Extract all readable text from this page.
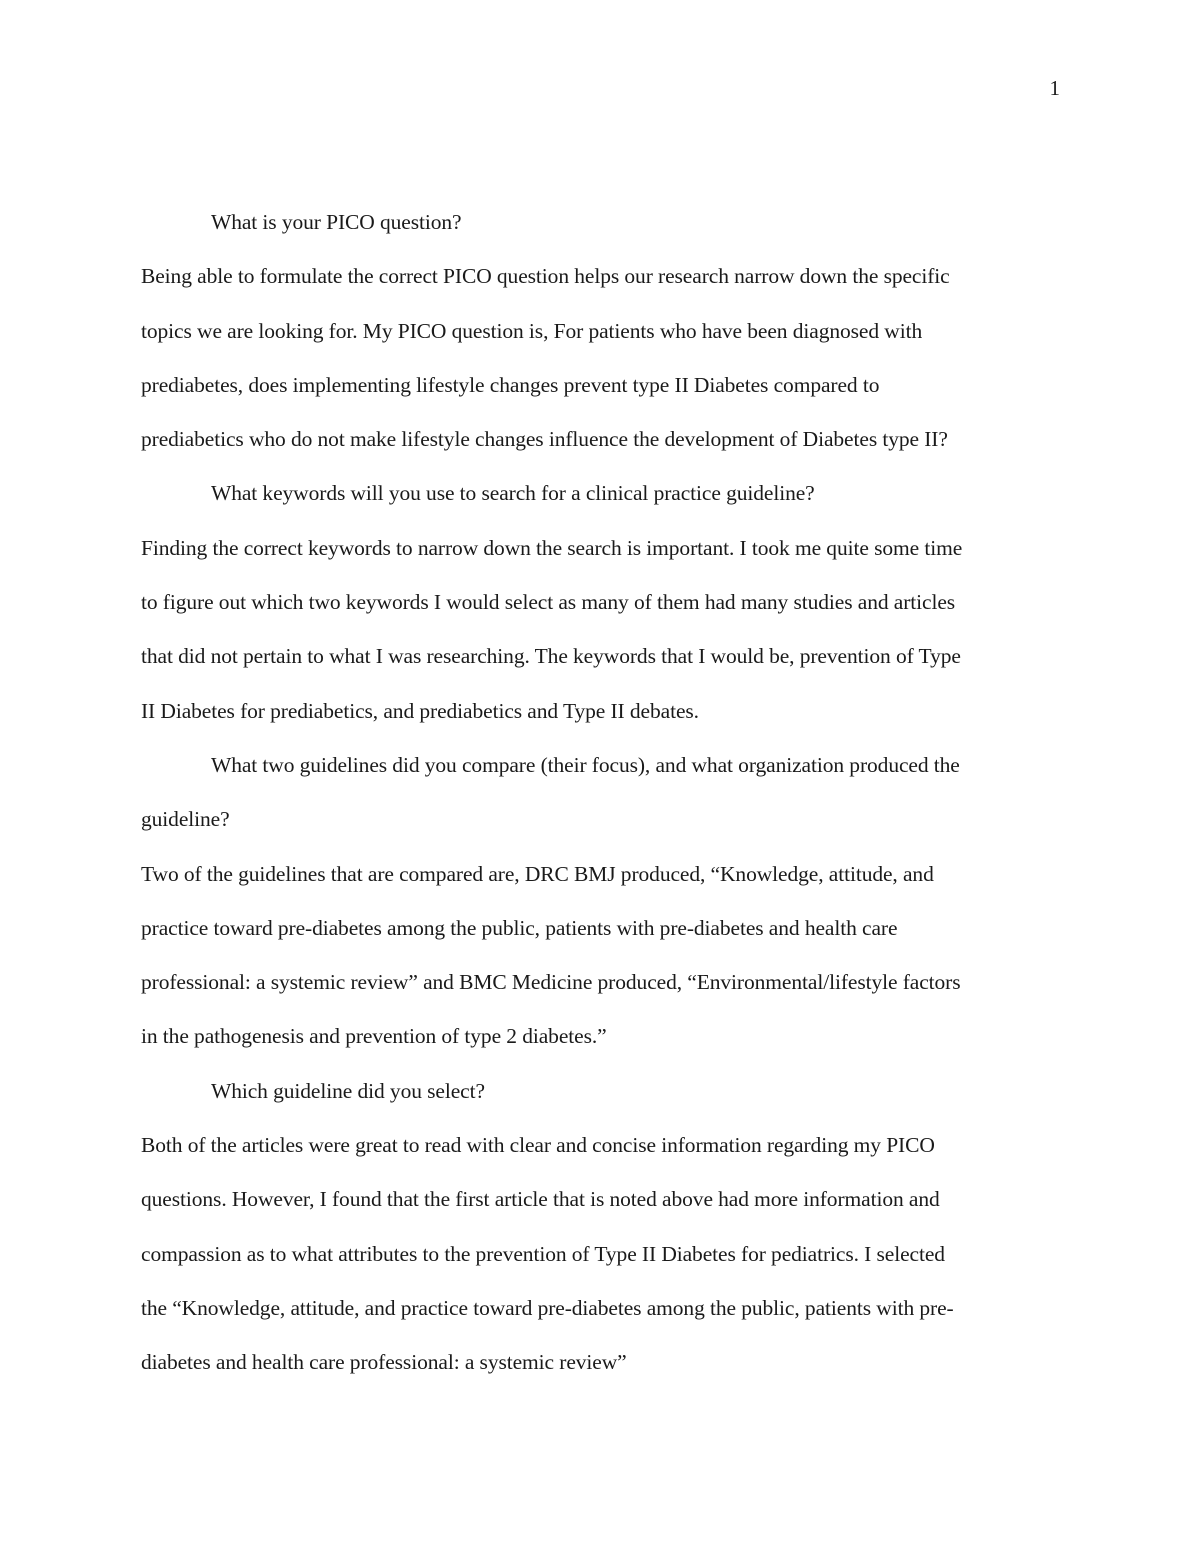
1
What is your PICO question?
Being able to formulate the correct PICO question helps our research narrow down the specific
topics we are looking for. My PICO question is, For patients who have been diagnosed with
prediabetes, does implementing lifestyle changes prevent type II Diabetes compared to
prediabetics who do not make lifestyle changes influence the development of Diabetes type II?
What keywords will you use to search for a clinical practice guideline?
Finding the correct keywords to narrow down the search is important. I took me quite some time
to figure out which two keywords I would select as many of them had many studies and articles
that did not pertain to what I was researching. The keywords that I would be, prevention of Type
II Diabetes for prediabetics, and prediabetics and Type II debates.
What two guidelines did you compare (their focus), and what organization produced the
guideline?
Two of the guidelines that are compared are, DRC BMJ produced, “Knowledge, attitude, and
practice toward pre-diabetes among the public, patients with pre-diabetes and health care
professional: a systemic review” and BMC Medicine produced, “Environmental/lifestyle factors
in the pathogenesis and prevention of type 2 diabetes.”
Which guideline did you select?
Both of the articles were great to read with clear and concise information regarding my PICO
questions. However, I found that the first article that is noted above had more information and
compassion as to what attributes to the prevention of Type II Diabetes for pediatrics. I selected
the “Knowledge, attitude, and practice toward pre-diabetes among the public, patients with pre-
diabetes and health care professional: a systemic review”
